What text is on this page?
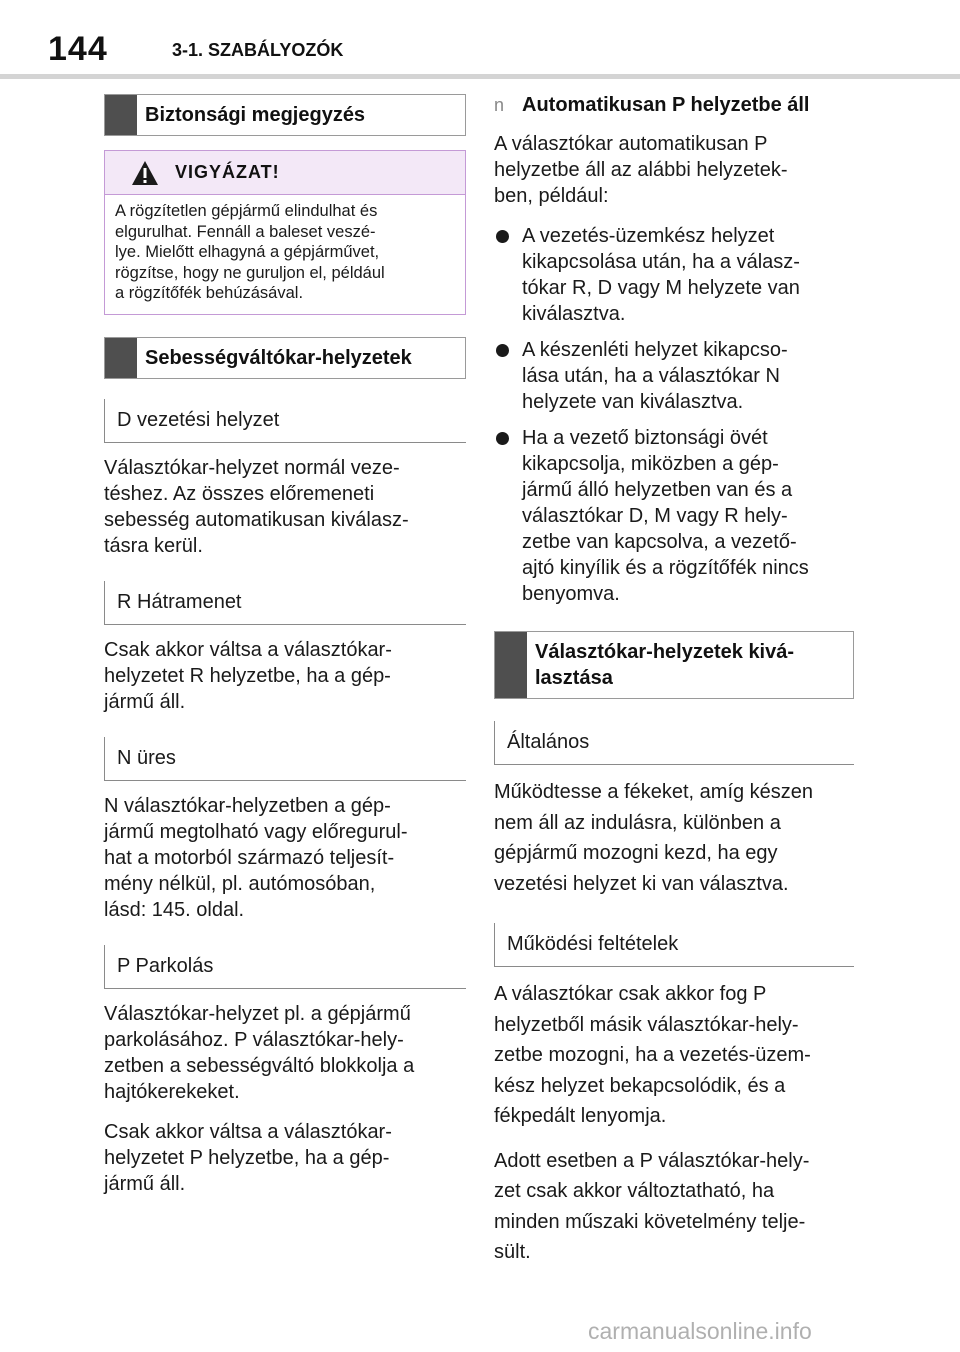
144	3-1. SZABÁLYOZÓK
Biztonsági megjegyzés
VIGYÁZAT!
A rögzítetlen gépjármű elindulhat és
elgurulhat. Fennáll a baleset veszé-
lye. Mielőtt elhagyná a gépjárművet,
rögzítse, hogy ne guruljon el, például
a rögzítőfék behúzásával.
Sebességváltókar-helyzetek
D vezetési helyzet
Választókar-helyzet normál veze-
téshez. Az összes előremeneti
sebesség automatikusan kiválasz-
tásra kerül.
R Hátramenet
Csak akkor váltsa a választókar-
helyzetet R helyzetbe, ha a gép-
jármű áll.
N üres
N választókar-helyzetben a gép-
jármű megtolható vagy előregurul-
hat a motorból származó teljesít-
mény nélkül, pl. autómosóban,
lásd: 145. oldal.
P Parkolás
Választókar-helyzet pl. a gépjármű
parkolásához. P választókar-hely-
zetben a sebességváltó blokkolja a
hajtókerekeket.
Csak akkor váltsa a választókar-
helyzetet P helyzetbe, ha a gép-
jármű áll.
n Automatikusan P helyzetbe áll
A választókar automatikusan P
helyzetbe áll az alábbi helyzetek-
ben, például:
A vezetés-üzemkész helyzet
kikapcsolása után, ha a válasz-
tókar R, D vagy M helyzete van
kiválasztva.
A készenléti helyzet kikapcso-
lása után, ha a választókar N
helyzete van kiválasztva.
Ha a vezető biztonsági övét
kikapcsolja, miközben a gép-
jármű álló helyzetben van és a
választókar D, M vagy R hely-
zetbe van kapcsolva, a vezető-
ajtó kinyílik és a rögzítőfék nincs
benyomva.
Választókar-helyzetek kivá-
lasztása
Általános
Működtesse a fékeket, amíg készen
nem áll az indulásra, különben a
gépjármű mozogni kezd, ha egy
vezetési helyzet ki van választva.
Működési feltételek
A választókar csak akkor fog P
helyzetből másik választókar-hely-
zetbe mozogni, ha a vezetés-üzem-
kész helyzet bekapcsolódik, és a
fékpedált lenyomja.
Adott esetben a P választókar-hely-
zet csak akkor változtatható, ha
minden műszaki követelmény telje-
sült.
carmanualsonline.info
